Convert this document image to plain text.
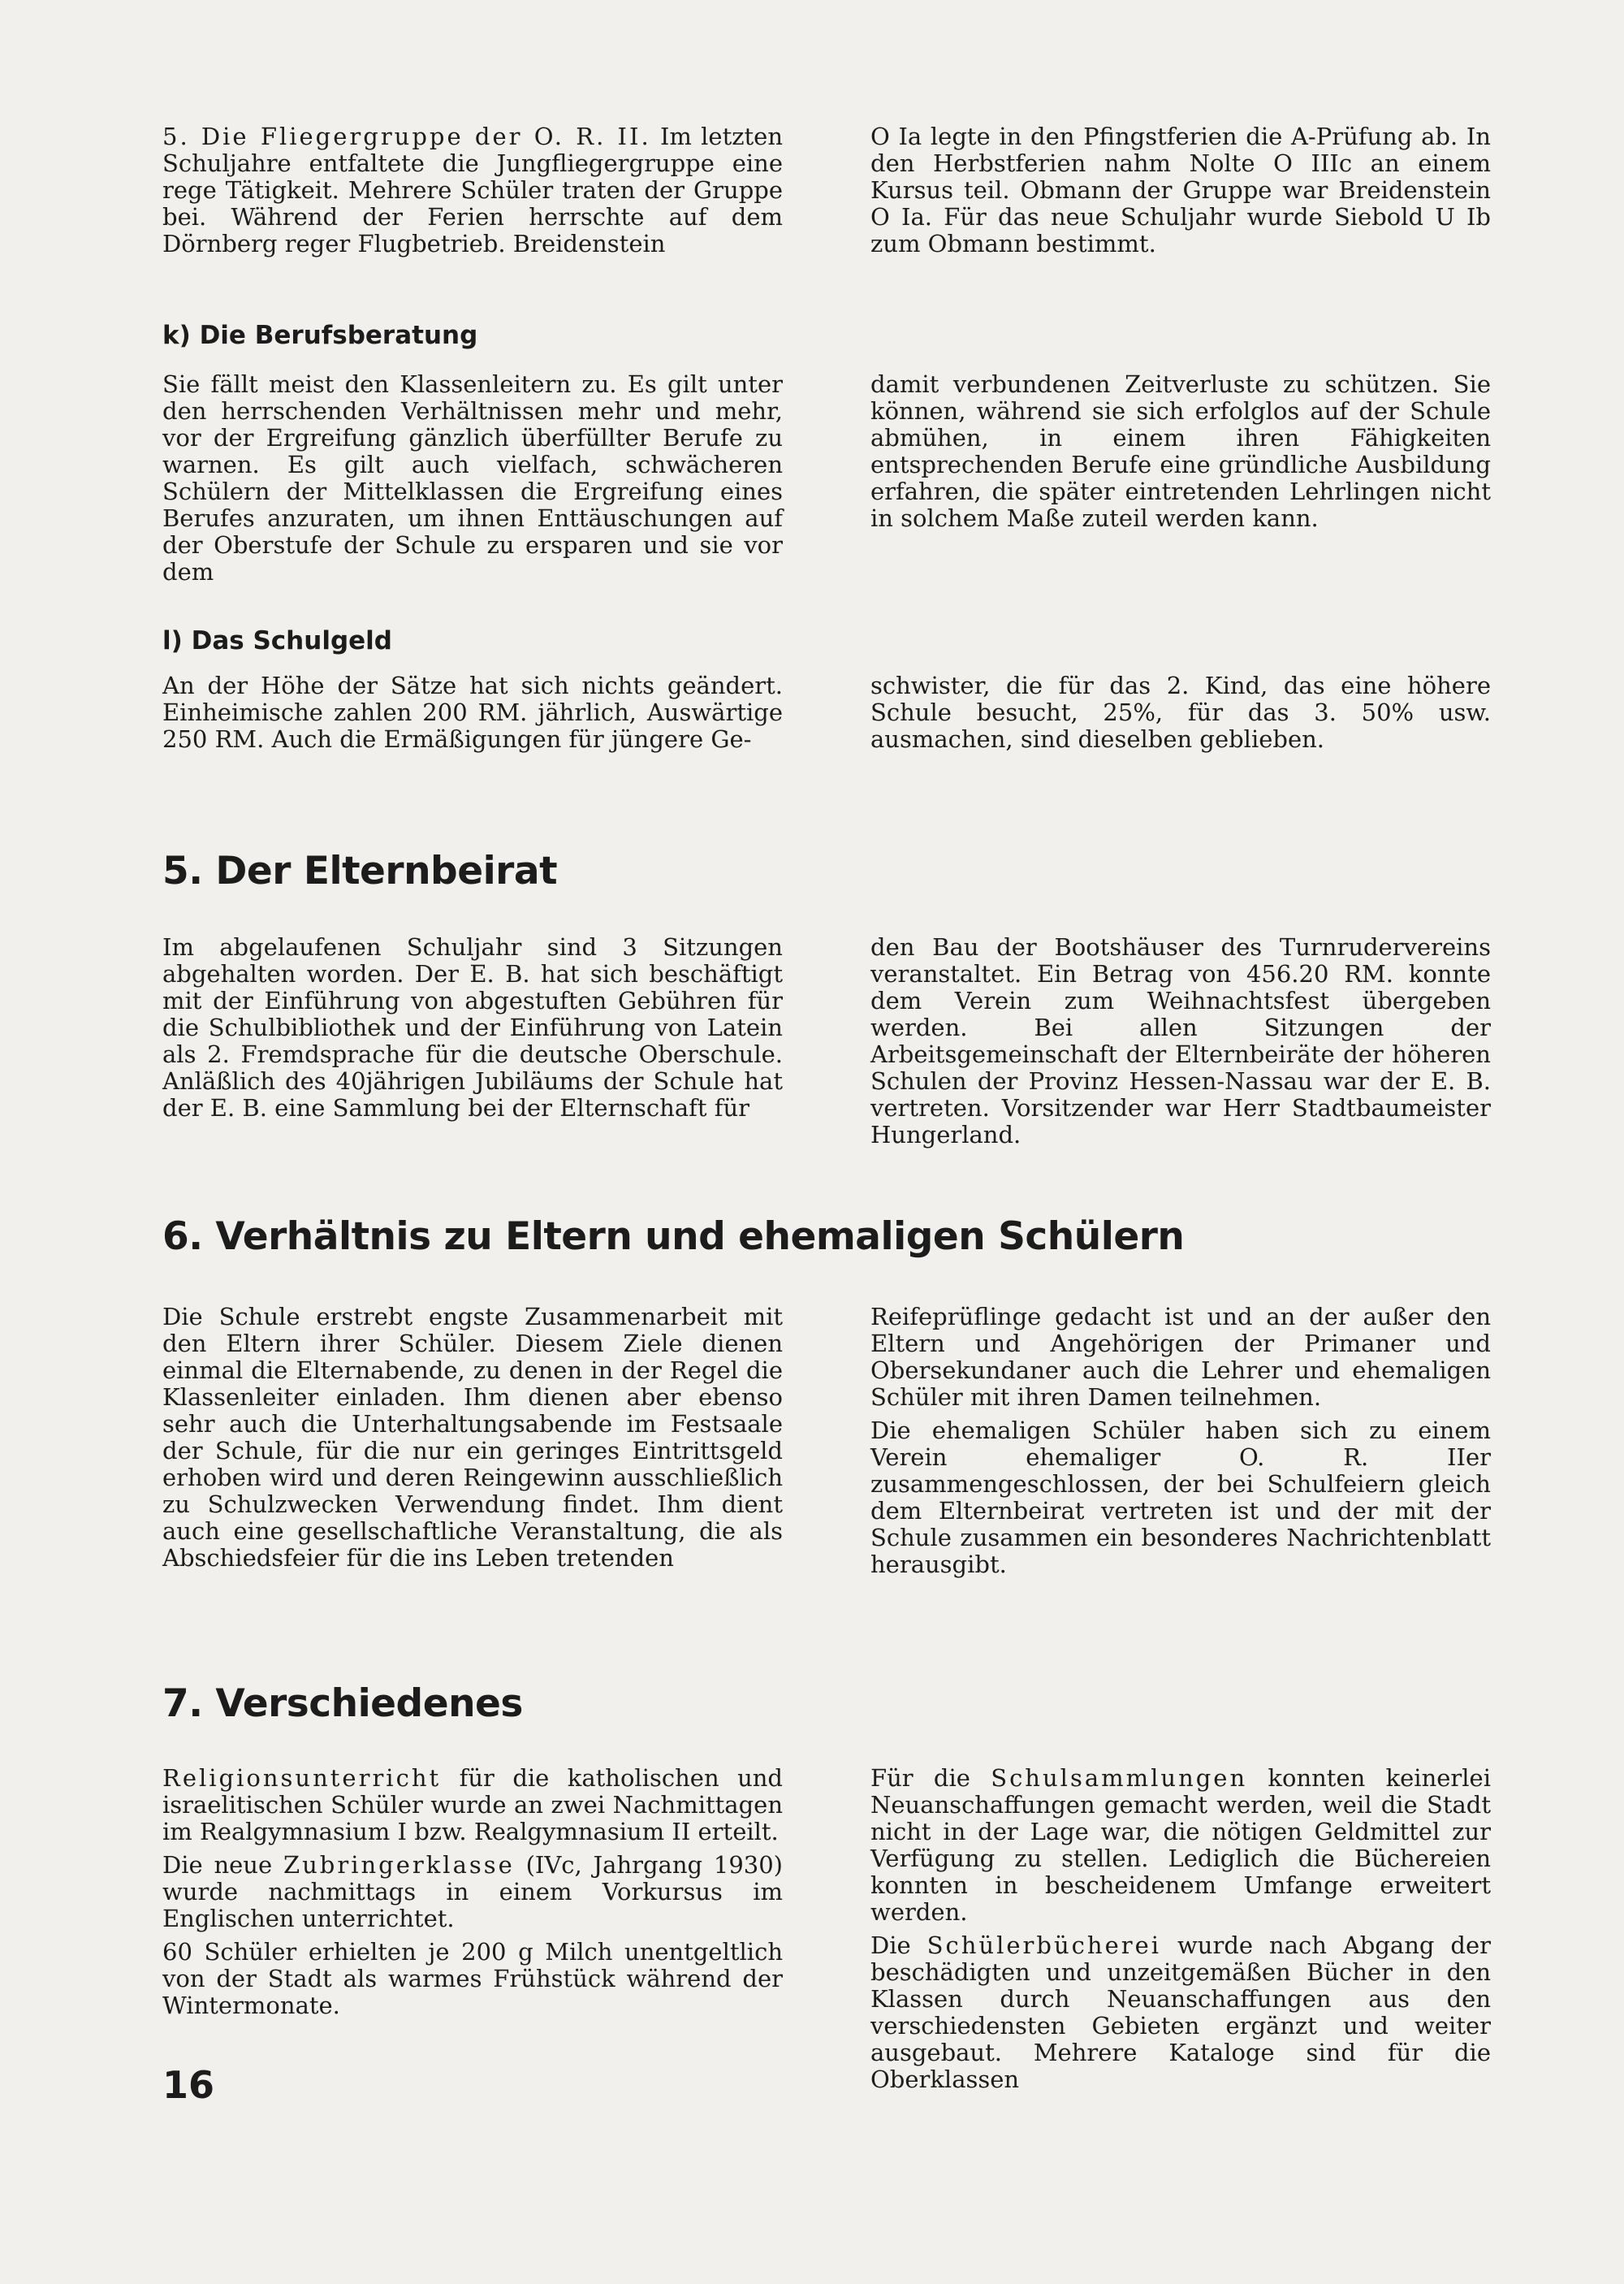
5. Die Fliegergruppe der O. R. II. Im letzten Schuljahre entfaltete die Jungfliegergruppe eine rege Tätigkeit. Mehrere Schüler traten der Gruppe bei. Während der Ferien herrschte auf dem Dörnberg reger Flugbetrieb. Breidenstein

O Ia legte in den Pfingstferien die A-Prüfung ab. In den Herbstferien nahm Nolte O IIIc an einem Kursus teil. Obmann der Gruppe war Breidenstein O Ia. Für das neue Schuljahr wurde Siebold U Ib zum Obmann bestimmt.

k) Die Berufsberatung

Sie fällt meist den Klassenleitern zu. Es gilt unter den herrschenden Verhältnissen mehr und mehr, vor der Ergreifung gänzlich überfüllter Berufe zu warnen. Es gilt auch vielfach, schwächeren Schülern der Mittelklassen die Ergreifung eines Berufes anzuraten, um ihnen Enttäuschungen auf der Oberstufe der Schule zu ersparen und sie vor dem

damit verbundenen Zeitverluste zu schützen. Sie können, während sie sich erfolglos auf der Schule abmühen, in einem ihren Fähigkeiten entsprechenden Berufe eine gründliche Ausbildung erfahren, die später eintretenden Lehrlingen nicht in solchem Maße zuteil werden kann.

l) Das Schulgeld

An der Höhe der Sätze hat sich nichts geändert. Einheimische zahlen 200 RM. jährlich, Auswärtige 250 RM. Auch die Ermäßigungen für jüngere Ge-

schwister, die für das 2. Kind, das eine höhere Schule besucht, 25%, für das 3. 50% usw. ausmachen, sind dieselben geblieben.

5. Der Elternbeirat

Im abgelaufenen Schuljahr sind 3 Sitzungen abgehalten worden. Der E. B. hat sich beschäftigt mit der Einführung von abgestuften Gebühren für die Schulbibliothek und der Einführung von Latein als 2. Fremdsprache für die deutsche Oberschule. Anläßlich des 40jährigen Jubiläums der Schule hat der E. B. eine Sammlung bei der Elternschaft für

den Bau der Bootshäuser des Turnrudervereins veranstaltet. Ein Betrag von 456.20 RM. konnte dem Verein zum Weihnachtsfest übergeben werden. Bei allen Sitzungen der Arbeitsgemeinschaft der Elternbeiräte der höheren Schulen der Provinz Hessen-Nassau war der E. B. vertreten. Vorsitzender war Herr Stadtbaumeister Hungerland.

6. Verhältnis zu Eltern und ehemaligen Schülern

Die Schule erstrebt engste Zusammenarbeit mit den Eltern ihrer Schüler. Diesem Ziele dienen einmal die Elternabende, zu denen in der Regel die Klassenleiter einladen. Ihm dienen aber ebenso sehr auch die Unterhaltungsabende im Festsaale der Schule, für die nur ein geringes Eintrittsgeld erhoben wird und deren Reingewinn ausschließlich zu Schulzwecken Verwendung findet. Ihm dient auch eine gesellschaftliche Veranstaltung, die als Abschiedsfeier für die ins Leben tretenden

Reifeprüflinge gedacht ist und an der außer den Eltern und Angehörigen der Primaner und Obersekundaner auch die Lehrer und ehemaligen Schüler mit ihren Damen teilnehmen.

Die ehemaligen Schüler haben sich zu einem Verein ehemaliger O. R. IIer zusammengeschlossen, der bei Schulfeiern gleich dem Elternbeirat vertreten ist und der mit der Schule zusammen ein besonderes Nachrichtenblatt herausgibt.

7. Verschiedenes

Religionsunterricht für die katholischen und israelitischen Schüler wurde an zwei Nachmittagen im Realgymnasium I bzw. Realgymnasium II erteilt.

Die neue Zubringerklasse (IVc, Jahrgang 1930) wurde nachmittags in einem Vorkursus im Englischen unterrichtet.

60 Schüler erhielten je 200 g Milch unentgeltlich von der Stadt als warmes Frühstück während der Wintermonate.

Für die Schulsammlungen konnten keinerlei Neuanschaffungen gemacht werden, weil die Stadt nicht in der Lage war, die nötigen Geldmittel zur Verfügung zu stellen. Lediglich die Büchereien konnten in bescheidenem Umfange erweitert werden.

Die Schülerbücherei wurde nach Abgang der beschädigten und unzeitgemäßen Bücher in den Klassen durch Neuanschaffungen aus den verschiedensten Gebieten ergänzt und weiter ausgebaut. Mehrere Kataloge sind für die Oberklassen

16
